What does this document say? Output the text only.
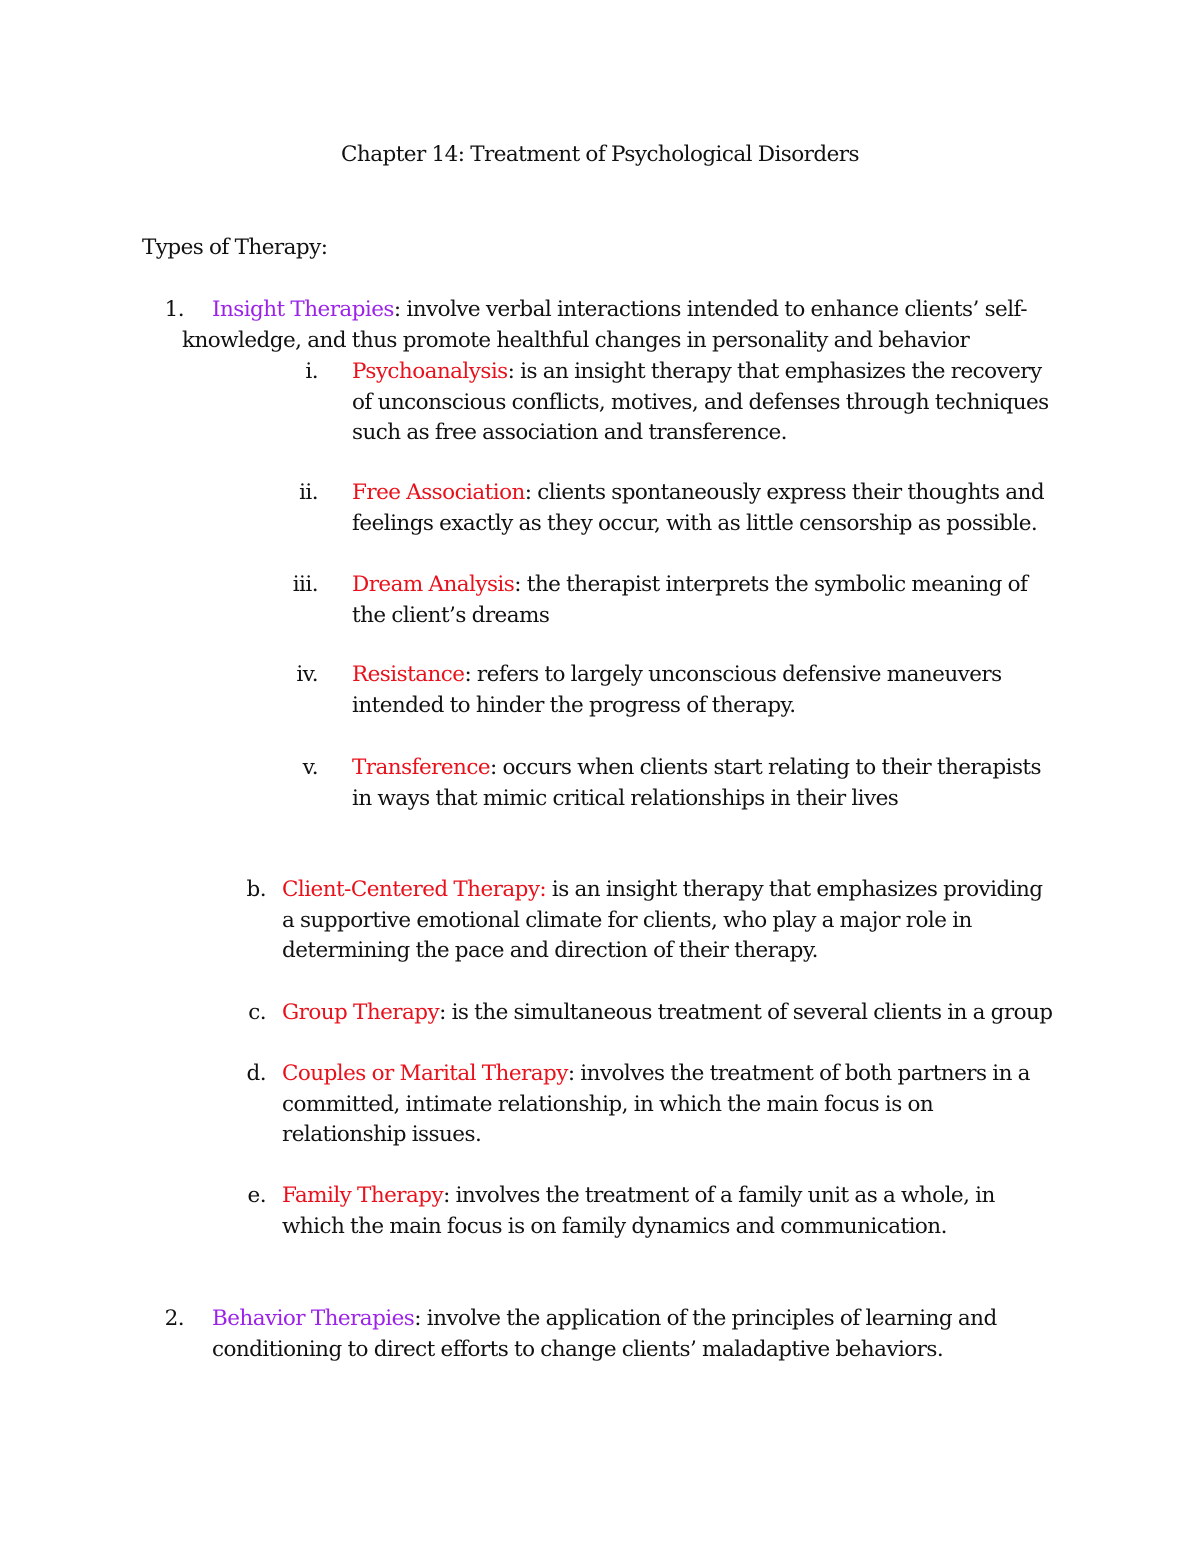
Chapter 14: Treatment of Psychological Disorders
Types of Therapy:
1. Insight Therapies: involve verbal interactions intended to enhance clients’ self-
knowledge, and thus promote healthful changes in personality and behavior
i. Psychoanalysis: is an insight therapy that emphasizes the recovery
of unconscious conflicts, motives, and defenses through techniques such as free association and transference.
ii. Free Association: clients spontaneously express their thoughts and
feelings exactly as they occur, with as little censorship as possible.
iii. Dream Analysis: the therapist interprets the symbolic meaning of
the client’s dreams
iv. Resistance: refers to largely unconscious defensive maneuvers
intended to hinder the progress of therapy.
v. Transference: occurs when clients start relating to their therapists
in ways that mimic critical relationships in their lives
b. Client-Centered Therapy: is an insight therapy that emphasizes providing
a supportive emotional climate for clients, who play a major role in determining the pace and direction of their therapy.
c. Group Therapy: is the simultaneous treatment of several clients in a group
d. Couples or Marital Therapy: involves the treatment of both partners in a
committed, intimate relationship, in which the main focus is on relationship issues.
e. Family Therapy: involves the treatment of a family unit as a whole, in
which the main focus is on family dynamics and communication.
2. Behavior Therapies: involve the application of the principles of learning and
conditioning to direct efforts to change clients’ maladaptive behaviors.
